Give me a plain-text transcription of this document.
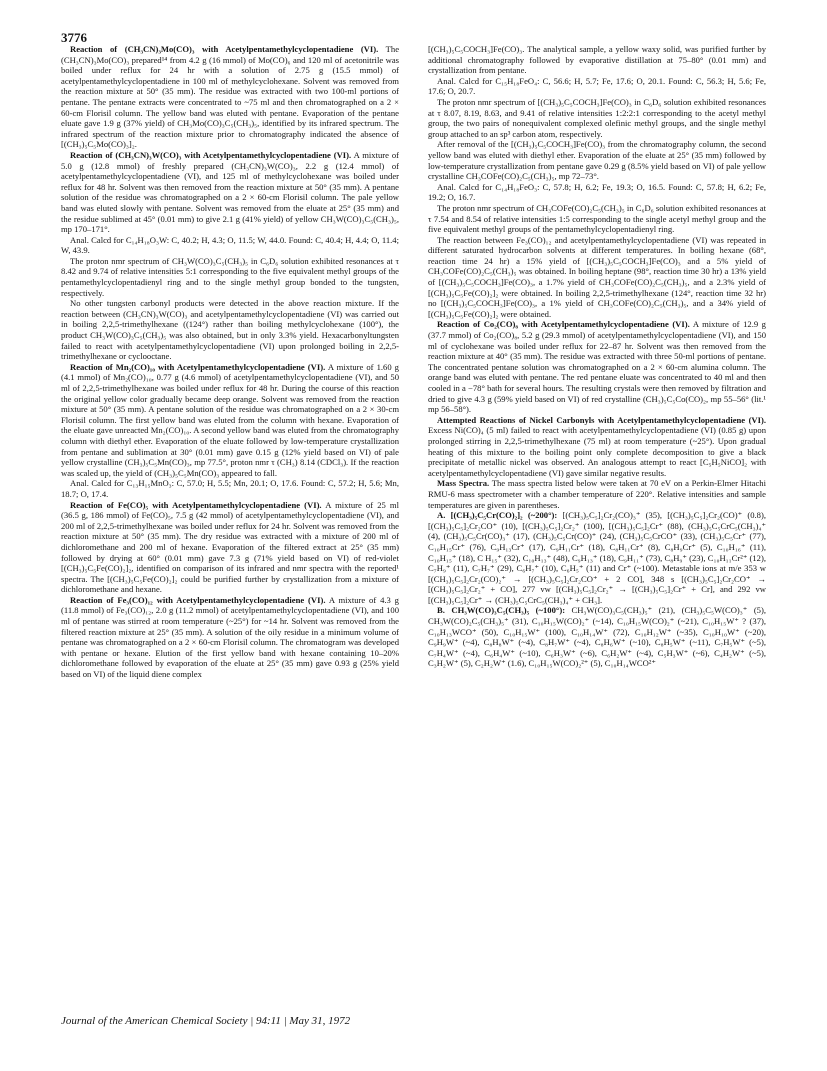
3776

Reaction of (CH₃CN)₃Mo(CO)₃ with Acetylpentamethylcyclopentadiene (VI). The (CH₃CN)₃Mo(CO)₃ prepared¹⁴ from 4.2 g (16 mmol) of Mo(CO)₆ and 120 ml of acetonitrile was boiled under reflux for 24 hr with a solution of 2.75 g (15.5 mmol) of acetylpentamethylcyclopentadiene in 100 ml of methylcyclohexane. Solvent was removed from the reaction mixture at 50° (35 mm). The residue was extracted with two 100-ml portions of pentane. The pentane extracts were concentrated to ~75 ml and then chromatographed on a 2 × 60-cm Florisil column. The yellow band was eluted with pentane. Evaporation of the pentane eluate gave 1.9 g (37% yield) of CH₃Mo(CO)₃C₅(CH₃)₅, identified by its infrared spectrum. The infrared spectrum of the reaction mixture prior to chromatography indicated the absence of [(CH₃)₅C₅Mo(CO)₃]₂.

Reaction of (CH₃CN)₃W(CO)₃ with Acetylpentamethylcyclopentadiene (VI). A mixture of 5.0 g (12.8 mmol) of freshly prepared (CH₃CN)₃W(CO)₃, 2.2 g (12.4 mmol) of acetylpentamethylcyclopentadiene (VI), and 125 ml of methylcyclohexane was boiled under reflux for 48 hr. Solvent was then removed from the reaction mixture at 50° (35 mm). A pentane solution of the residue was chromatographed on a 2 × 60-cm Florisil column. The pale yellow band was eluted slowly with pentane. Solvent was removed from the eluate at 25° (35 mm) and the residue sublimed at 45° (0.01 mm) to give 2.1 g (41% yield) of yellow CH₃W(CO)₃C₅(CH₃)₅, mp 170–171°.

Anal. Calcd for C₁₄H₁₈O₃W: C, 40.2; H, 4.3; O, 11.5; W, 44.0. Found: C, 40.4; H, 4.4; O, 11.4; W, 43.9.

The proton nmr spectrum of CH₃W(CO)₃C₅(CH₃)₅ in C₆D₆ solution exhibited resonances at τ 8.42 and 9.74 of relative intensities 5:1 corresponding to the five equivalent methyl groups of the pentamethylcyclopentadienyl ring and to the single methyl group bonded to the tungsten, respectively.

No other tungsten carbonyl products were detected in the above reaction mixture. If the reaction between (CH₃CN)₃W(CO)₃ and acetylpentamethylcyclopentadiene (VI) was carried out in boiling 2,2,5-trimethylhexane ((124°) rather than boiling methylcyclohexane (100°), the product CH₃W(CO)₃C₅(CH₃)₅ was also obtained, but in only 3.3% yield. Hexacarbonyltungsten failed to react with acetylpentamethylcyclopentadiene (VI) upon prolonged boiling in 2,2,5-trimethylhexane or cyclooctane.

Reaction of Mn₂(CO)₁₀ with Acetylpentamethylcyclopentadiene (VI). A mixture of 1.60 g (4.1 mmol) of Mn₂(CO)₁₀, 0.77 g (4.6 mmol) of acetylpentamethylcyclopentadiene (VI), and 50 ml of 2,2,5-trimethylhexane was boiled under reflux for 48 hr. During the course of this reaction the original yellow color gradually became deep orange. Solvent was removed from the reaction mixture at 50° (35 mm). A pentane solution of the residue was chromatographed on a 2 × 30-cm Florisil column. The first yellow band was eluted from the column with hexane. Evaporation of the eluate gave unreacted Mn₂(CO)₁₀. A second yellow band was eluted from the chromatography column with diethyl ether. Evaporation of the eluate followed by low-temperature crystallization from pentane and sublimation at 30° (0.01 mm) gave 0.15 g (12% yield based on VI) of pale yellow crystalline (CH₃)₅C₅Mn(CO)₃, mp 77.5°, proton nmr τ (CH₃) 8.14 (CDCl₃). If the reaction was scaled up, the yield of (CH₃)₅C₅Mn(CO)₃ appeared to fall.

Anal. Calcd for C₁₃H₁₅MnO₃: C, 57.0; H, 5.5; Mn, 20.1; O, 17.6. Found: C, 57.2; H, 5.6; Mn, 18.7; O, 17.4.

Reaction of Fe(CO)₅ with Acetylpentamethylcyclopentadiene (VI). A mixture of 25 ml (36.5 g, 186 mmol) of Fe(CO)₅, 7.5 g (42 mmol) of acetylpentamethylcyclopentadiene (VI), and 200 ml of 2,2,5-trimethylhexane was boiled under reflux for 24 hr. Solvent was removed from the reaction mixture at 50° (35 mm). The dry residue was extracted with a mixture of 200 ml of dichloromethane and 200 ml of hexane. Evaporation of the filtered extract at 25° (35 mm) followed by drying at 60° (0.01 mm) gave 7.3 g (71% yield based on VI) of red-violet [(CH₃)₅C₅Fe(CO)₂]₂, identified on comparison of its infrared and nmr spectra with the reported¹ spectra. The [(CH₃)₅C₅Fe(CO)₂]₂ could be purified further by crystallization from a mixture of dichloromethane and hexane.

Reaction of Fe₃(CO)₁₂ with Acetylpentamethylcyclopentadiene (VI). A mixture of 4.3 g (11.8 mmol) of Fe₃(CO)₁₂, 2.0 g (11.2 mmol) of acetylpentamethylcyclopentadiene (VI), and 100 ml of pentane was stirred at room temperature (~25°) for ~14 hr. Solvent was removed from the filtered reaction mixture at 25° (35 mm). A solution of the oily residue in a minimum volume of pentane was chromatographed on a 2 × 60-cm Florisil column. The chromatogram was developed with pentane or hexane. Elution of the first yellow band with hexane containing 10–20% dichloromethane followed by evaporation of the eluate at 25° (35 mm) gave 0.93 g (25% yield based on VI) of the liquid diene complex

[(CH₃)₅C₅COCH₃]Fe(CO)₃. The analytical sample, a yellow waxy solid, was purified further by additional chromatography followed by evaporative distillation at 75–80° (0.01 mm) and crystallization from pentane.

Anal. Calcd for C₁₅H₁₈FeO₄: C, 56.6; H, 5.7; Fe, 17.6; O, 20.1. Found: C, 56.3; H, 5.6; Fe, 17.6; O, 20.7.

The proton nmr spectrum of [(CH₃)₅C₅COCH₃]Fe(CO)₃ in C₆D₆ solution exhibited resonances at τ 8.07, 8.19, 8.63, and 9.41 of relative intensities 1:2:2:1 corresponding to the acetyl methyl group, the two pairs of nonequivalent complexed olefinic methyl groups, and the single methyl group attached to an sp³ carbon atom, respectively.

After removal of the [(CH₃)₅C₅COCH₃]Fe(CO)₃ from the chromatography column, the second yellow band was eluted with diethyl ether. Evaporation of the eluate at 25° (35 mm) followed by low-temperature crystallization from pentane gave 0.29 g (8.5% yield based on VI) of pale yellow crystalline CH₃COFe(CO)₂C₅(CH₃)₅, mp 72–73°.

Anal. Calcd for C₁₄H₁₈FeO₃: C, 57.8; H, 6.2; Fe, 19.3; O, 16.5. Found: C, 57.8; H, 6.2; Fe, 19.2; O, 16.7.

The proton nmr spectrum of CH₃COFe(CO)₂C₅(CH₃)₅ in C₆D₆ solution exhibited resonances at τ 7.54 and 8.54 of relative intensities 1:5 corresponding to the single acetyl methyl group and the five equivalent methyl groups of the pentamethylcyclopentadienyl ring.

The reaction between Fe₃(CO)₁₂ and acetylpentamethylcyclopentadiene (VI) was repeated in different saturated hydrocarbon solvents at different temperatures. In boiling hexane (68°, reaction time 24 hr) a 15% yield of [(CH₃)₅C₅COCH₃]Fe(CO)₃ and a 5% yield of CH₃COFe(CO)₂C₅(CH₃)₅ was obtained. In boiling heptane (98°, reaction time 30 hr) a 13% yield of [(CH₃)₅C₅COCH₃]Fe(CO)₃, a 1.7% yield of CH₃COFe(CO)₂C₅(CH₃)₅, and a 2.3% yield of [(CH₃)₅C₅Fe(CO)₂]₂ were obtained. In boiling 2,2,5-trimethylhexane (124°, reaction time 32 hr) no [(CH₃)₅C₅COCH₃]Fe(CO)₃, a 1% yield of CH₃COFe(CO)₂C₅(CH₃)₅, and a 34% yield of [(CH₃)₅C₅Fe(CO)₂]₂ were obtained.

Reaction of Co₂(CO)₈ with Acetylpentamethylcyclopentadiene (VI). A mixture of 12.9 g (37.7 mmol) of Co₂(CO)₈, 5.2 g (29.3 mmol) of acetylpentamethylcyclopentadiene (VI), and 150 ml of cyclohexane was boiled under reflux for 22–87 hr. Solvent was then removed from the reaction mixture at 40° (35 mm). The residue was extracted with three 50-ml portions of pentane. The concentrated pentane solution was chromatographed on a 2 × 60-cm alumina column. The orange band was eluted with pentane. The red pentane eluate was concentrated to 40 ml and then cooled in a −78° bath for several hours. The resulting crystals were then removed by filtration and dried to give 4.3 g (59% yield based on VI) of red crystalline (CH₃)₅C₅Co(CO)₂, mp 55–56° (lit.¹ mp 56–58°).

Attempted Reactions of Nickel Carbonyls with Acetylpentamethylcyclopentadiene (VI). Excess Ni(CO)₄ (5 ml) failed to react with acetylpentamethylcyclopentadiene (VI) (0.85 g) upon prolonged stirring in 2,2,5-trimethylhexane (75 ml) at room temperature (~25°). Upon gradual heating of this mixture to the boiling point only complete decomposition to give a black precipitate of metallic nickel was observed. An analogous attempt to react [C₅H₅NiCO]₂ with acetylpentamethylcyclopentadiene (VI) gave similar negative results.

Mass Spectra. The mass spectra listed below were taken at 70 eV on a Perkin-Elmer Hitachi RMU-6 mass spectrometer with a chamber temperature of 220°. Relative intensities and sample temperatures are given in parentheses.

A. [(CH₃)₅C₅Cr(CO)₂]₂ (~200°): [(CH₃)₅C₅]₂Cr₂(CO)₃⁺ (35), [(CH₃)₅C₅]₂Cr₂(CO)⁺ (0.8), [(CH₃)₅C₅]₂Cr₂CO⁺ (10), [(CH₃)₅C₅]₂Cr₂⁺ (100), [(CH₃)₅C₅]₂Cr⁺ (88), (CH₃)₅C₅CrC₅(CH₃)₄⁺ (4), (CH₃)₅C₅Cr(CO)₃⁺ (17), (CH₃)₅C₅Cr(CO)⁺ (24), (CH₃)₅C₅CrCO⁺ (33), (CH₃)₅C₅Cr⁺ (77), C₁₀H₁₅Cr⁺ (76), C₉H₁₃Cr⁺ (17), C₉H₁₁Cr⁺ (18), C₈H₁₁Cr⁺ (8), C₈H₉Cr⁺ (5), C₁₀H₁₆⁺ (11), C₁₀H₁₅⁺ (18), C H₁₅⁺ (32), C₁₀H₁₃⁺ (48), C₉H₁₃⁺ (18), C₉H₁₁⁺ (73), C₈H₉⁺ (23), C₁₀H₁₁Cr²⁺ (12), C₇H₉⁺ (11), C₇H₇⁺ (29), C₆H₇⁺ (10), C₆H₅⁺ (11) and Cr⁺ (~100). Metastable ions at m/e 353 w [(CH₃)₅C₅]₂Cr₂(CO)₂⁺ → [(CH₃)₅C₅]₂Cr₂CO⁺ + 2 CO], 348 s [(CH₃)₅C₅]₂Cr₂CO⁺ → [(CH₃)₅C₅]₂Cr₂⁺ + CO], 277 vw [(CH₃)₅C₅]₂Cr₂⁺ → [(CH₃)₅C₅]₂Cr⁺ + Cr], and 292 vw [(CH₃)₅C₅]₂Cr⁺ → (CH₃)₅C₅CrC₅(CH₃)₄⁺ + CH₃].

B. CH₃W(CO)₃C₅(CH₃)₅ (~100°): CH₃W(CO)₃C₅(CH₃)₅⁺ (21), (CH₃)₅C₅W(CO)₃⁺ (5), CH₃W(CO)₂C₅(CH₃)₅⁺ (31), C₁₀H₁₅W(CO)₂⁺ (~14), C₁₀H₁₅W(CO)₂⁺ (~21), C₁₀H₁₅W⁺ ? (37), C₁₀H₁₃WCO⁺ (50), C₁₀H₁₅W⁺ (100), C₁₀H₁₄W⁺ (72), C₁₀H₁₂W⁺ (~35), C₁₀H₁₀W⁺ (~20), C₉H₉W⁺ (~4), C₈H₈W⁺ (~4), C₈H₇W⁺ (~4), C₈H₆W⁺ (~10), C₈H₅W⁺ (~11), C₇H₅W⁺ (~5), C₇H₄W⁺ (~4), C₆H₄W⁺ (~10), C₆H₃W⁺ (~6), C₆H₂W⁺ (~4), C₅H₃W⁺ (~6), C₄H₂W⁺ (~5), C₃H₂W⁺ (5), C₂H₂W⁺ (1.6), C₁₀H₁₅W(CO)₂²⁺ (5), C₁₀H₁₄WCO²⁺

Journal of the American Chemical Society | 94:11 | May 31, 1972
